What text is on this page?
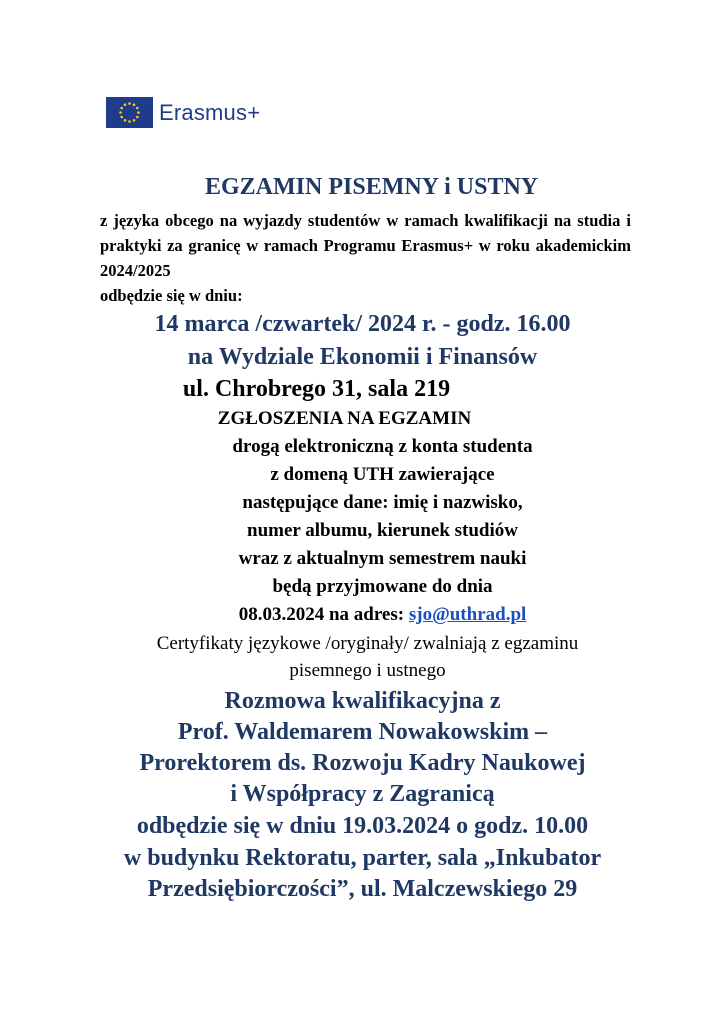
Erasmus+
EGZAMIN PISEMNY i USTNY
z języka obcego na wyjazdy studentów w ramach kwalifikacji na studia i praktyki za granicę w ramach Programu Erasmus+ w roku akademickim 2024/2025
odbędzie się w dniu:

14 marca /czwartek/ 2024 r. - godz. 16.00

na Wydziale Ekonomii i Finansów

ul. Chrobrego 31, sala 219

ZGŁOSZENIA NA EGZAMIN

drogą elektroniczną z konta studenta

z domeną UTH zawierające

następujące dane: imię i nazwisko,

numer albumu, kierunek studiów

wraz z aktualnym semestrem nauki

będą przyjmowane do dnia

08.03.2024 na adres: sjo@uthrad.pl

Certyfikaty językowe /oryginały/ zwalniają z egzaminu

pisemnego i ustnego

Rozmowa kwalifikacyjna z

Prof. Waldemarem Nowakowskim –

Prorektorem ds. Rozwoju Kadry Naukowej

i Współpracy z Zagranicą

odbędzie się w dniu 19.03.2024 o godz. 10.00

w budynku Rektoratu, parter, sala „Inkubator

Przedsiębiorczości”, ul. Malczewskiego 29
